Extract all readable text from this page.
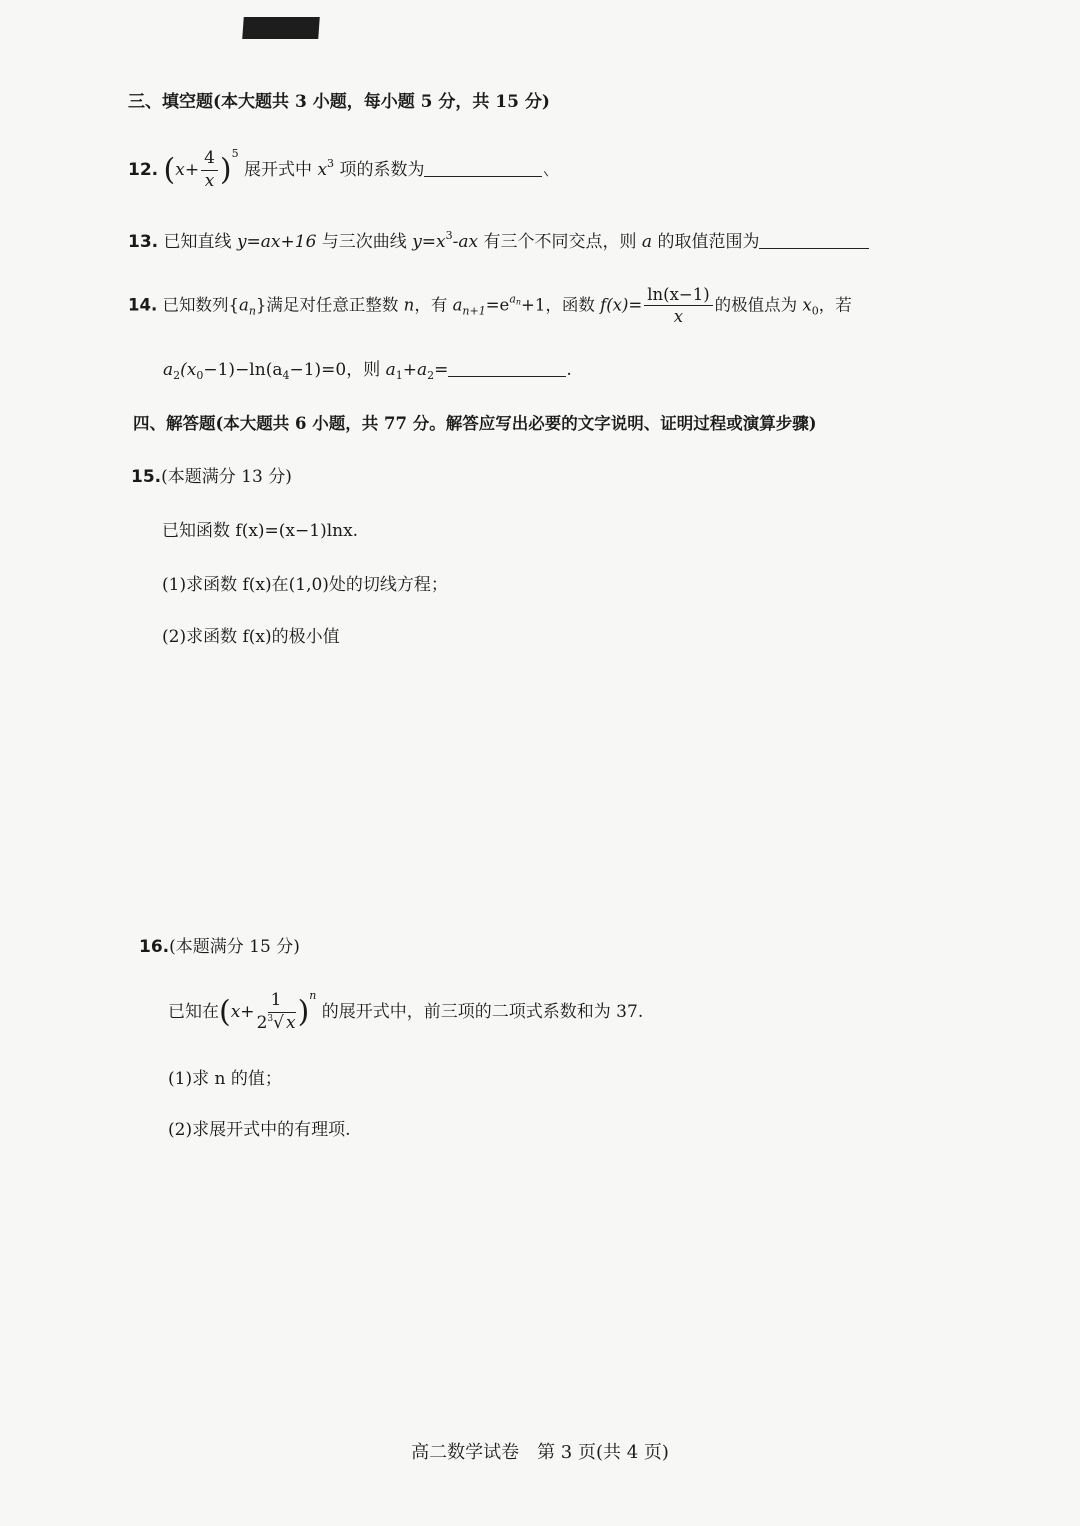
三、填空题(本大题共 3 小题，每小题 5 分，共 15 分)
12. $(x+ \frac{4}{x} )^5$ 展开式中 $x^3$ 项的系数为
13. 已知直线 y=ax+16 与三次曲线 $y=x^3-ax$ 有三个不同交点，则 a 的取值范围为
14. 已知数列$\{a_n\}$满足对任意正整数 n，有 $a_{n+1}=e^{an}+1$，函数 $f(x)= \frac{\ln(x-1)}{x}$ 的极值点为 $x_0$，若
$a_2(x_0-1)-\ln(a_4-1)=0$，则 $a_1+a_2=$	.
四、解答题(本大题共 6 小题，共 77 分。解答应写出必要的文字说明、证明过程或演算步骤)
15.(本题满分 13 分)
已知函数 f(x)=(x−1)lnx.
(1)求函数 f(x)在(1,0)处的切线方程；
(2)求函数 f(x)的极小值
16.(本题满分 15 分)
已知在$(x+ \frac{1}{2^3√ x} )^n$ 的展开式中，前三项的二项式系数和为 37.
(1)求 n 的值；
(2)求展开式中的有理项.
高二数学试卷　第 3 页(共 4 页)
